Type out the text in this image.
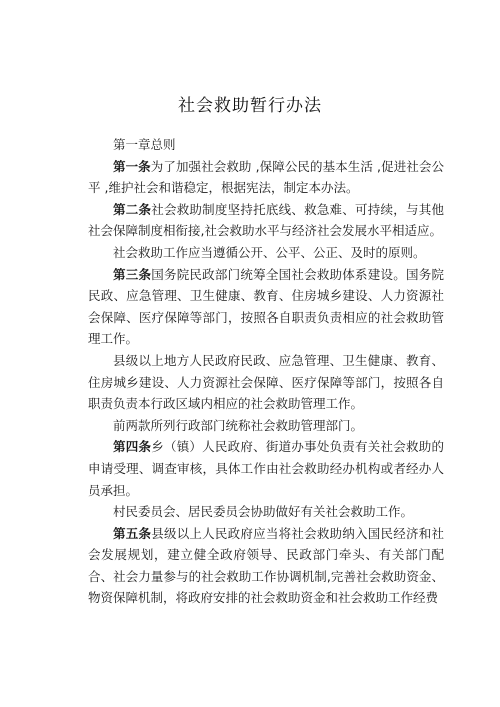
社会救助暂行办法

第一章总则

第一条为了加强社会救助 ,保障公民的基本生活 ,促进社会公平 ,维护社会和谐稳定，根据宪法，制定本办法。

第二条社会救助制度坚持托底线、救急难、可持续，与其他社会保障制度相衔接,社会救助水平与经济社会发展水平相适应。

社会救助工作应当遵循公开、公平、公正、及时的原则。

第三条国务院民政部门统筹全国社会救助体系建设。国务院民政、应急管理、卫生健康、教育、住房城乡建设、人力资源社会保障、医疗保障等部门，按照各自职责负责相应的社会救助管理工作。

县级以上地方人民政府民政、应急管理、卫生健康、教育、住房城乡建设、人力资源社会保障、医疗保障等部门，按照各自职责负责本行政区域内相应的社会救助管理工作。

前两款所列行政部门统称社会救助管理部门。

第四条乡（镇）人民政府、街道办事处负责有关社会救助的申请受理、调查审核，具体工作由社会救助经办机构或者经办人员承担。

村民委员会、居民委员会协助做好有关社会救助工作。

第五条县级以上人民政府应当将社会救助纳入国民经济和社会发展规划，建立健全政府领导、民政部门牵头、有关部门配合、社会力量参与的社会救助工作协调机制,完善社会救助资金、物资保障机制，将政府安排的社会救助资金和社会救助工作经费
